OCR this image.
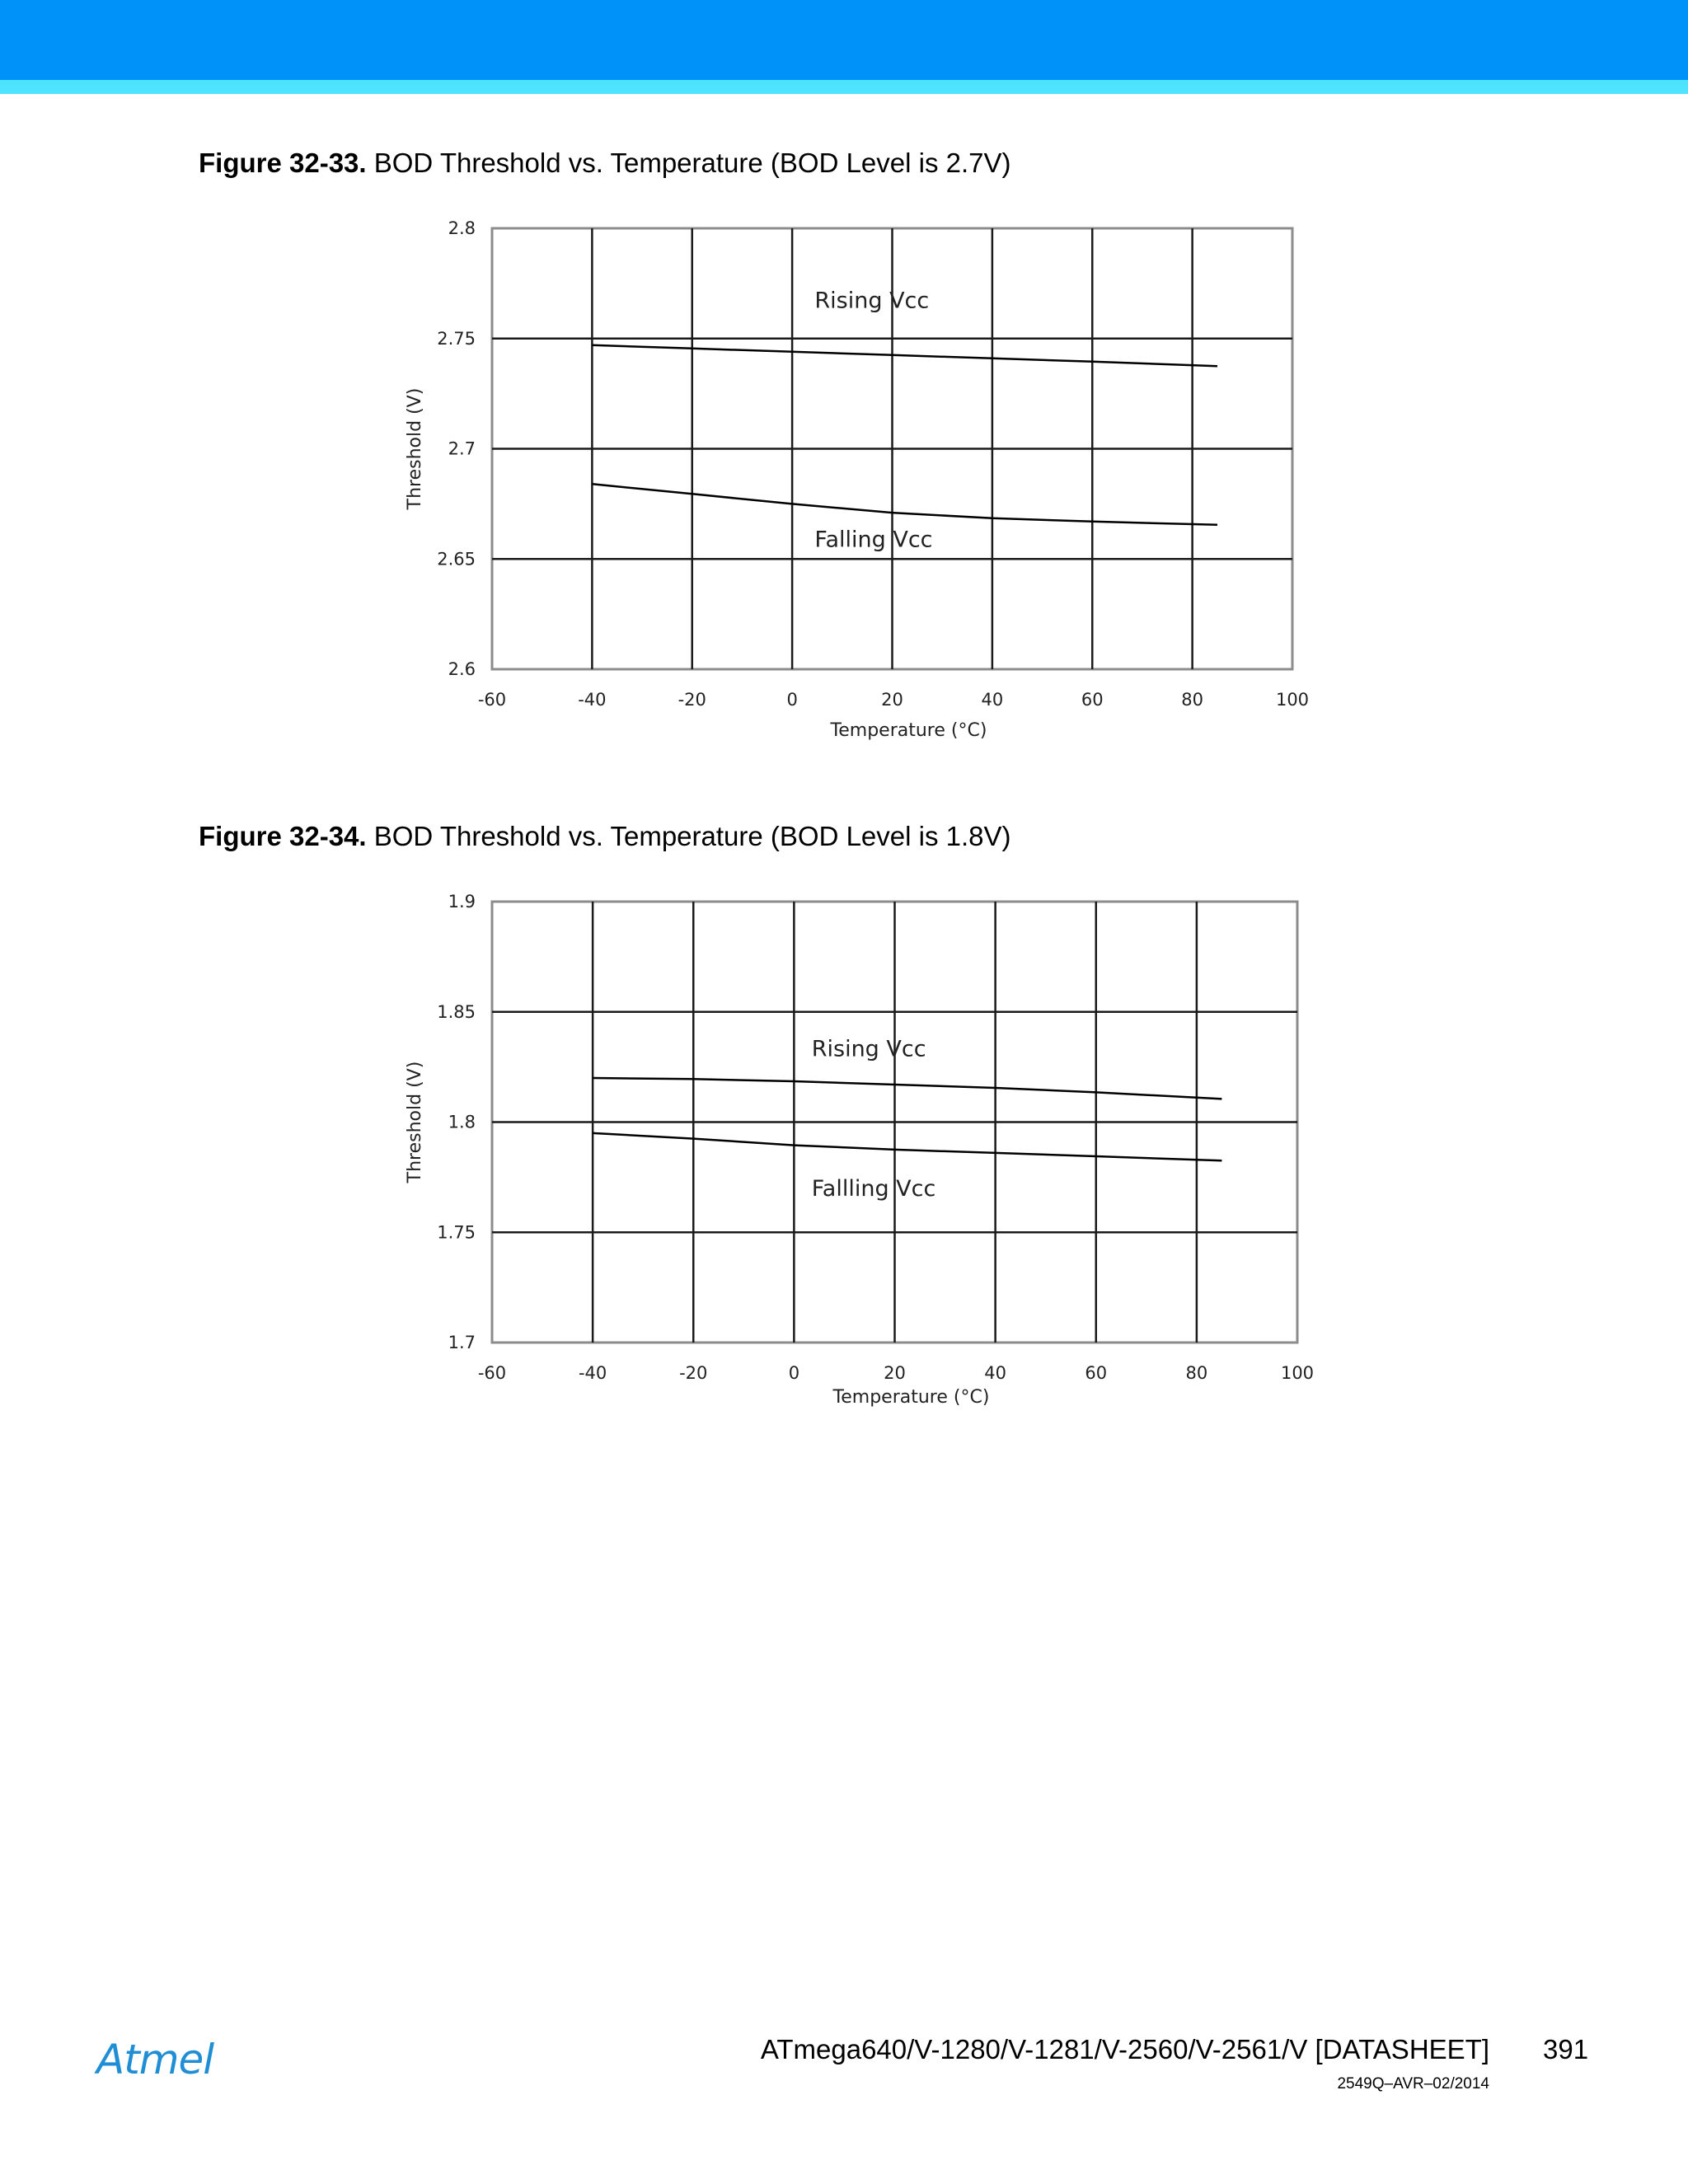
Figure 32-33. BOD Threshold vs. Temperature (BOD Level is 2.7V)
-60	-40	-20	0	20	40	60	80	100
2.6
2.65
2.7
2.75
2.8
Temperature (°C)
Threshold (V)
Rising Vcc
Falling Vcc
Figure 32-34. BOD Threshold vs. Temperature (BOD Level is 1.8V)
-60	-40	-20	0	20	40	60	80	100
1.7
1.75
1.8
1.85
1.9
Temperature (°C)
Threshold (V)
Rising Vcc
Fallling Vcc
Atmel	ATmega640/V-1280/V-1281/V-2560/V-2561/V [DATASHEET] 391
2549Q–AVR–02/2014
